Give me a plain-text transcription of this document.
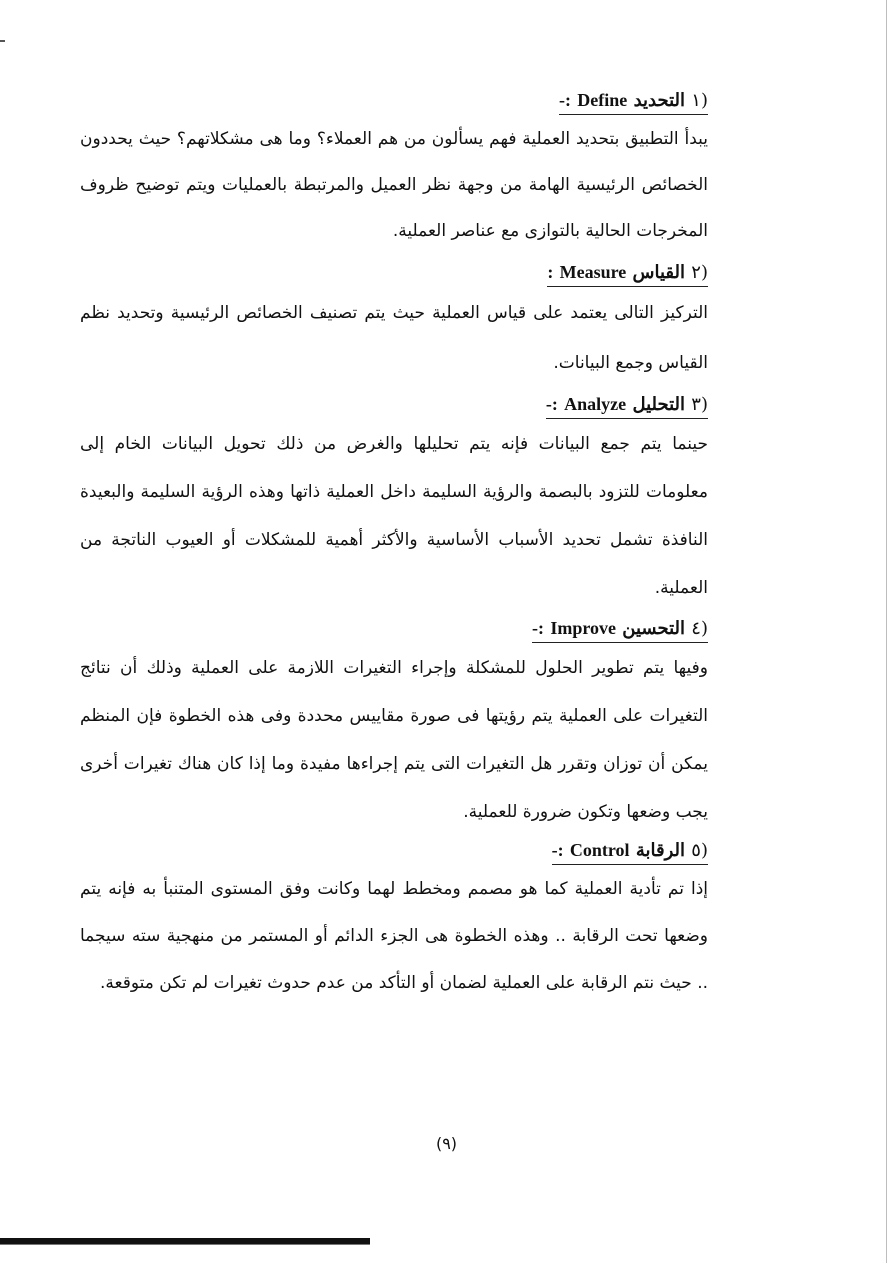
(١ التحديد Define :-

يبدأ التطبيق بتحديد العملية فهم يسألون من هم العملاء؟ وما هى مشكلاتهم؟ حيث يحددون الخصائص الرئيسية الهامة من وجهة نظر العميل والمرتبطة بالعمليات ويتم توضيح ظروف المخرجات الحالية بالتوازى مع عناصر العملية.

(٢ القياس Measure :

التركيز التالى يعتمد على قياس العملية حيث يتم تصنيف الخصائص الرئيسية وتحديد نظم القياس وجمع البيانات.

(٣ التحليل Analyze :-

حينما يتم جمع البيانات فإنه يتم تحليلها والغرض من ذلك تحويل البيانات الخام إلى معلومات للتزود بالبصمة والرؤية السليمة داخل العملية ذاتها وهذه الرؤية السليمة والبعيدة النافذة تشمل تحديد الأسباب الأساسية والأكثر أهمية للمشكلات أو العيوب الناتجة من العملية.

(٤ التحسين Improve :-

وفيها يتم تطوير الحلول للمشكلة وإجراء التغيرات اللازمة على العملية وذلك أن نتائج التغيرات على العملية يتم رؤيتها فى صورة مقاييس محددة وفى هذه الخطوة فإن المنظم يمكن أن توزان وتقرر هل التغيرات التى يتم إجراءها مفيدة وما إذا كان هناك تغيرات أخرى يجب وضعها وتكون ضرورة للعملية.

(٥ الرقابة Control :-

إذا تم تأدية العملية كما هو مصمم ومخطط لهما وكانت وفق المستوى المتنبأ به فإنه يتم وضعها تحت الرقابة .. وهذه الخطوة هى الجزء الدائم أو المستمر من منهجية سته سيجما .. حيث نتم الرقابة على العملية لضمان أو التأكد من عدم حدوث تغيرات لم تكن متوقعة.

(٩)
